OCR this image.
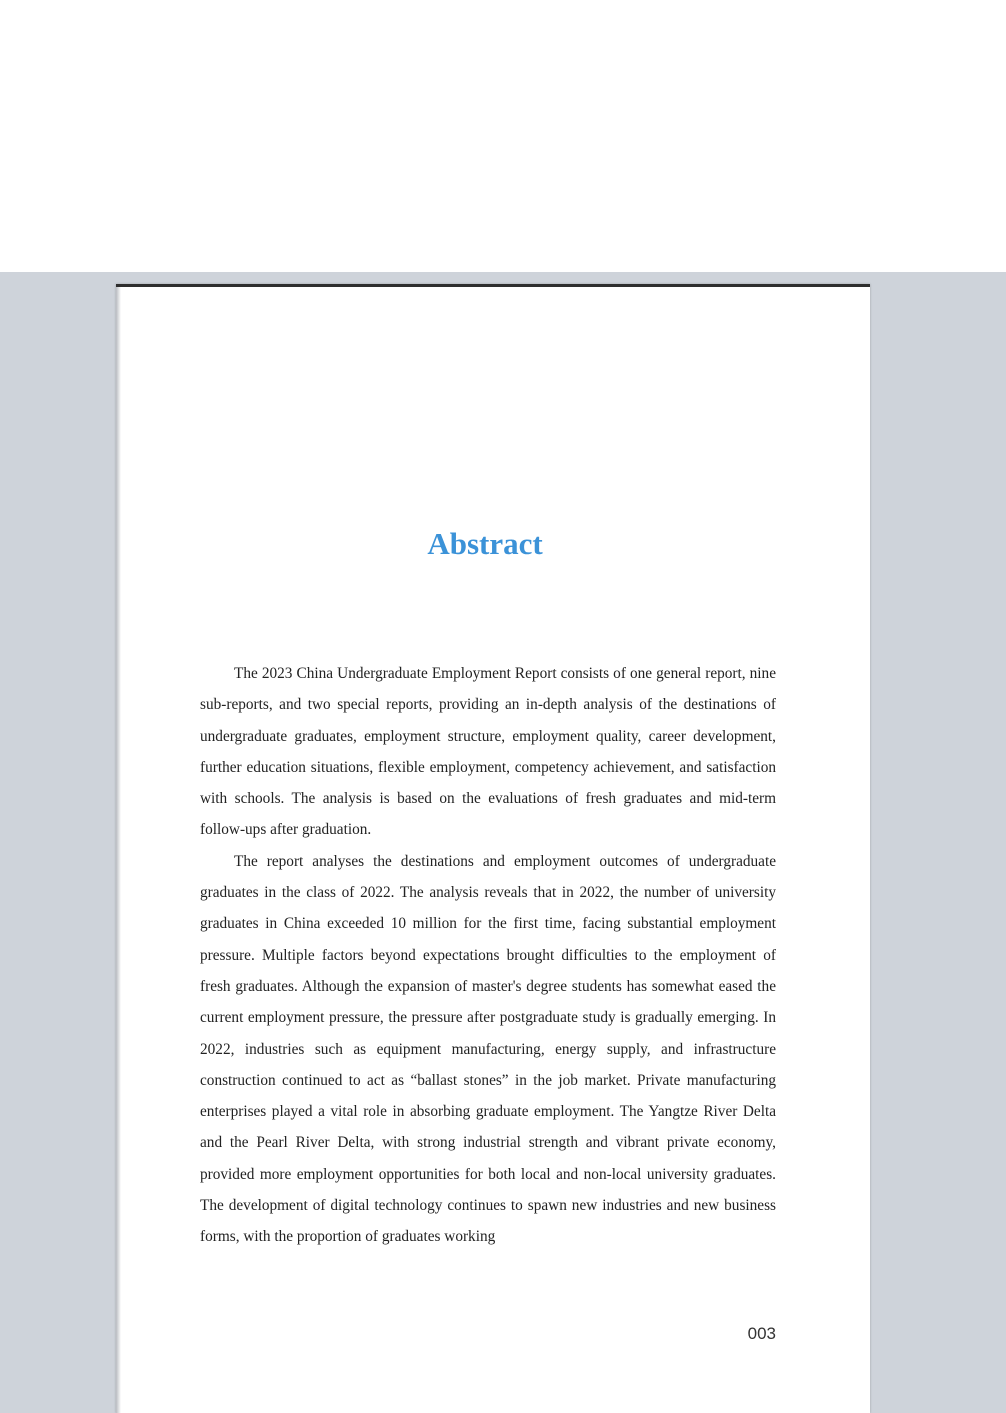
Abstract

The 2023 China Undergraduate Employment Report consists of one general report, nine sub-reports, and two special reports, providing an in-depth analysis of the destinations of undergraduate graduates, employment structure, employment quality, career development, further education situations, flexible employment, competency achievement, and satisfaction with schools. The analysis is based on the evaluations of fresh graduates and mid-term follow-ups after graduation.

The report analyses the destinations and employment outcomes of undergraduate graduates in the class of 2022. The analysis reveals that in 2022, the number of university graduates in China exceeded 10 million for the first time, facing substantial employment pressure. Multiple factors beyond expectations brought difficulties to the employment of fresh graduates. Although the expansion of master's degree students has somewhat eased the current employment pressure, the pressure after postgraduate study is gradually emerging. In 2022, industries such as equipment manufacturing, energy supply, and infrastructure construction continued to act as “ballast stones” in the job market. Private manufacturing enterprises played a vital role in absorbing graduate employment. The Yangtze River Delta and the Pearl River Delta, with strong industrial strength and vibrant private economy, provided more employment opportunities for both local and non-local university graduates. The development of digital technology continues to spawn new industries and new business forms, with the proportion of graduates working

003
